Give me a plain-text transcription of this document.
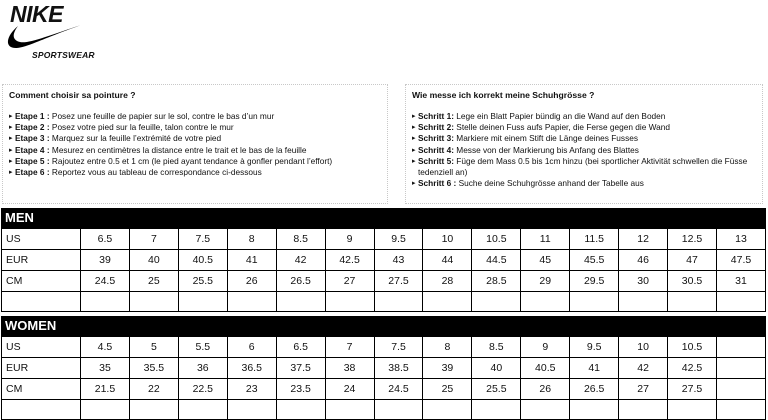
NIKE
SPORTSWEAR
Comment choisir sa pointure ?
▸ Etape 1 : Posez une feuille de papier sur le sol, contre le bas d’un mur
▸ Etape 2 : Posez votre pied sur la feuille, talon contre le mur
▸ Etape 3 : Marquez sur la feuille l’extrémité de votre pied
▸ Etape 4 : Mesurez en centimètres la distance entre le trait et le bas de la feuille
▸ Etape 5 : Rajoutez entre 0.5 et 1 cm (le pied ayant tendance à gonfler pendant l’effort)
▸ Etape 6 : Reportez vous au tableau de correspondance ci-dessous
Wie messe ich korrekt meine Schuhgrösse ?
▸ Schritt 1: Lege ein Blatt Papier bündig an die Wand auf den Boden
▸ Schritt 2: Stelle deinen Fuss aufs Papier, die Ferse gegen die Wand
▸ Schritt 3: Markiere mit einem Stift die Länge deines Fusses
▸ Schritt 4: Messe von der Markierung bis Anfang des Blattes
▸ Schritt 5: Füge dem Mass 0.5 bis 1cm hinzu (bei sportlicher Aktivität schwellen die Füsse tedenziell an)
▸ Schritt 6 : Suche deine Schuhgrösse anhand der Tabelle aus
MEN
US	6.5	7	7.5	8	8.5	9	9.5	10	10.5	11	11.5	12	12.5	13
EUR	39	40	40.5	41	42	42.5	43	44	44.5	45	45.5	46	47	47.5
CM	24.5	25	25.5	26	26.5	27	27.5	28	28.5	29	29.5	30	30.5	31

WOMEN
US	4.5	5	5.5	6	6.5	7	7.5	8	8.5	9	9.5	10	10.5	
EUR	35	35.5	36	36.5	37.5	38	38.5	39	40	40.5	41	42	42.5	
CM	21.5	22	22.5	23	23.5	24	24.5	25	25.5	26	26.5	27	27.5	
